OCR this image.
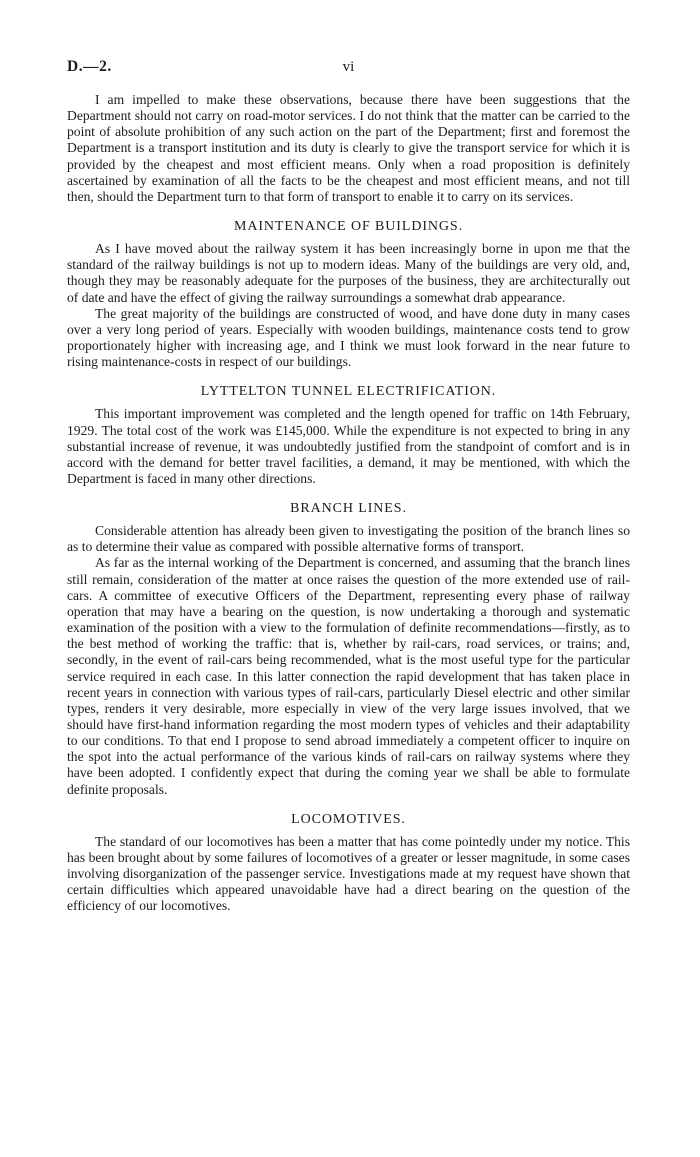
D.—2.	vi

I am impelled to make these observations, because there have been suggestions that the Department should not carry on road-motor services. I do not think that the matter can be carried to the point of absolute prohibition of any such action on the part of the Department; first and foremost the Department is a transport institution and its duty is clearly to give the transport service for which it is provided by the cheapest and most efficient means. Only when a road proposition is definitely ascertained by examination of all the facts to be the cheapest and most efficient means, and not till then, should the Department turn to that form of transport to enable it to carry on its services.

MAINTENANCE OF BUILDINGS.

As I have moved about the railway system it has been increasingly borne in upon me that the standard of the railway buildings is not up to modern ideas. Many of the buildings are very old, and, though they may be reasonably adequate for the purposes of the business, they are architecturally out of date and have the effect of giving the railway surroundings a somewhat drab appearance.

The great majority of the buildings are constructed of wood, and have done duty in many cases over a very long period of years. Especially with wooden buildings, maintenance costs tend to grow proportionately higher with increasing age, and I think we must look forward in the near future to rising maintenance-costs in respect of our buildings.

LYTTELTON TUNNEL ELECTRIFICATION.

This important improvement was completed and the length opened for traffic on 14th February, 1929. The total cost of the work was £145,000. While the expenditure is not expected to bring in any substantial increase of revenue, it was undoubtedly justified from the standpoint of comfort and is in accord with the demand for better travel facilities, a demand, it may be mentioned, with which the Department is faced in many other directions.

BRANCH LINES.

Considerable attention has already been given to investigating the position of the branch lines so as to determine their value as compared with possible alternative forms of transport.

As far as the internal working of the Department is concerned, and assuming that the branch lines still remain, consideration of the matter at once raises the question of the more extended use of rail-cars. A committee of executive Officers of the Department, representing every phase of railway operation that may have a bearing on the question, is now undertaking a thorough and systematic examination of the position with a view to the formulation of definite recommendations—firstly, as to the best method of working the traffic: that is, whether by rail-cars, road services, or trains; and, secondly, in the event of rail-cars being recommended, what is the most useful type for the particular service required in each case. In this latter connection the rapid development that has taken place in recent years in connection with various types of rail-cars, particularly Diesel electric and other similar types, renders it very desirable, more especially in view of the very large issues involved, that we should have first-hand information regarding the most modern types of vehicles and their adaptability to our conditions. To that end I propose to send abroad immediately a competent officer to inquire on the spot into the actual performance of the various kinds of rail-cars on railway systems where they have been adopted. I confidently expect that during the coming year we shall be able to formulate definite proposals.

LOCOMOTIVES.

The standard of our locomotives has been a matter that has come pointedly under my notice. This has been brought about by some failures of locomotives of a greater or lesser magnitude, in some cases involving disorganization of the passenger service. Investigations made at my request have shown that certain difficulties which appeared unavoidable have had a direct bearing on the question of the efficiency of our locomotives.
